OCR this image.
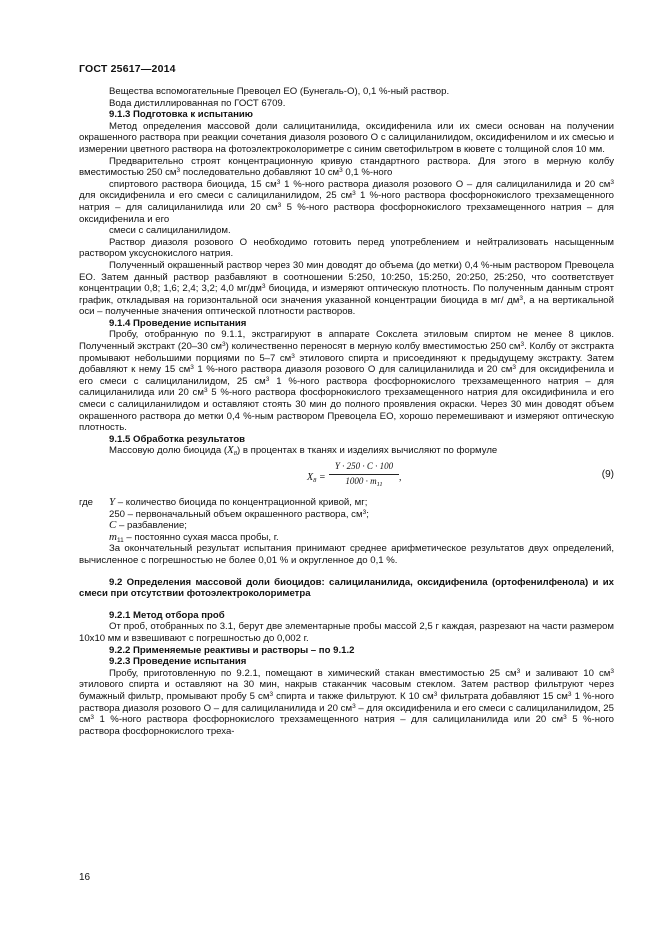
ГОСТ 25617—2014

Вещества вспомогательные Превоцел ЕО (Бунегаль-О), 0,1 %-ный раствор.

Вода дистиллированная по ГОСТ 6709.

9.1.3 Подготовка к испытанию

Метод определения массовой доли салицитанилида, оксидифенила или их смеси основан на получении окрашенного раствора при реакции сочетания диазоля розового О с салициланилидом, оксидифенилом и их смесью и измерении цветного раствора на фотоэлектроколориметре с синим светофильтром в кювете с толщиной слоя 10 мм.

Предварительно строят концентрационную кривую стандартного раствора. Для этого в мерную колбу вместимостью 250 $см^3$ последовательно добавляют 10 $см^3$ 0,1 %-ного

спиртового раствора биоцида, 15 $см^3$ 1 %-ного раствора диазоля розового О – для салициланилида и 20 $см^3$ для оксидифенила и его смеси с салициланилидом, 25 $см^3$ 1 %-ного раствора фосфорнокислого трехзамещенного натрия – для салициланилида или 20 $см^3$ 5 %-ного раствора фосфорнокислого трехзамещенного натрия – для оксидифенила и его

смеси с салициланилидом.

Раствор диазоля розового О необходимо готовить перед употреблением и нейтрализовать насыщенным раствором уксуснокислого натрия.

Полученный окрашенный раствор через 30 мин доводят до объема (до метки) 0,4 %-ным раствором Превоцела ЕО. Затем данный раствор разбавляют в соотношении 5:250, 10:250, 15:250, 20:250, 25:250, что соответствует концентрации 0,8; 1,6; 2,4; 3,2; 4,0 $мг/дм^3$ биоцида, и измеряют оптическую плотность. По полученным данным строят график, откладывая на горизонтальной оси значения указанной концентрации биоцида в мг/ $дм^3$, а на вертикальной оси – полученные значения оптической плотности растворов.

9.1.4 Проведение испытания

Пробу, отобранную по 9.1.1, экстрагируют в аппарате Сокслета этиловым спиртом не менее 8 циклов. Полученный экстракт (20–30 $см^3$) количественно переносят в мерную колбу вместимостью 250 $см^3$. Колбу от экстракта промывают небольшими порциями по 5–7 $см^3$ этилового спирта и присоединяют к предыдущему экстракту. Затем добавляют к нему 15 $см^3$ 1 %-ного раствора диазоля розового О для салициланилида и 20 $см^3$ для оксидифенила и его смеси с салициланилидом, 25 $см^3$ 1 %-ного раствора фосфорнокислого трехзамещенного натрия – для салициланилида или 20 $см^3$ 5 %-ного раствора фосфорнокислого трехзамещенного натрия для оксидифинила и его смеси с салициланилидом и оставляют стоять 30 мин до полного проявления окраски. Через 30 мин доводят объем окрашенного раствора до метки 0,4 %-ным раствором Превоцела ЕО, хорошо перемешивают и измеряют оптическую плотность.

9.1.5 Обработка результатов

Массовую долю биоцида $(X_8)$ в процентах в тканях и изделиях вычисляют по формуле

$X_8 = \frac{Y \cdot 250 \cdot C \cdot 100}{1000 \cdot m_{11}}$ ,	(9)
где	Y – количество биоцида по концентрационной кривой, мг;

250 – первоначальный объем окрашенного раствора, $см^3$;

C – разбавление;

$m_{11}$ – постоянно сухая масса пробы, г.

За окончательный результат испытания принимают среднее арифметическое результатов двух определений, вычисленное с погрешностью не более 0,01 % и округленное до 0,1 %.

9.2 Определения массовой доли биоцидов: салициланилида, оксидифенила (ортофенилфенола) и их смеси при отсутствии фотоэлектроколориметра

9.2.1 Метод отбора проб

От проб, отобранных по 3.1, берут две элементарные пробы массой 2,5 г каждая, разрезают на части размером 10х10 мм и взвешивают с погрешностью до 0,002 г.

9.2.2 Применяемые реактивы и растворы – по 9.1.2

9.2.3 Проведение испытания

Пробу, приготовленную по 9.2.1, помещают в химический стакан вместимостью 25 $см^3$ и заливают 10 $см^3$ этилового спирта и оставляют на 30 мин, накрыв стаканчик часовым стеклом. Затем раствор фильтруют через бумажный фильтр, промывают пробу 5 $см^3$ спирта и также фильтруют. К 10 $см^3$ фильтрата добавляют 15 $см^3$ 1 %-ного раствора диазоля розового О – для салициланилида и 20 $см^3$ – для оксидифенила и его смеси с салициланилидом, 25 $см^3$ 1 %-ного раствора фосфорнокислого трехзамещенного натрия – для салициланилида или 20 $см^3$ 5 %-ного раствора фосфорнокислого треха-

16
